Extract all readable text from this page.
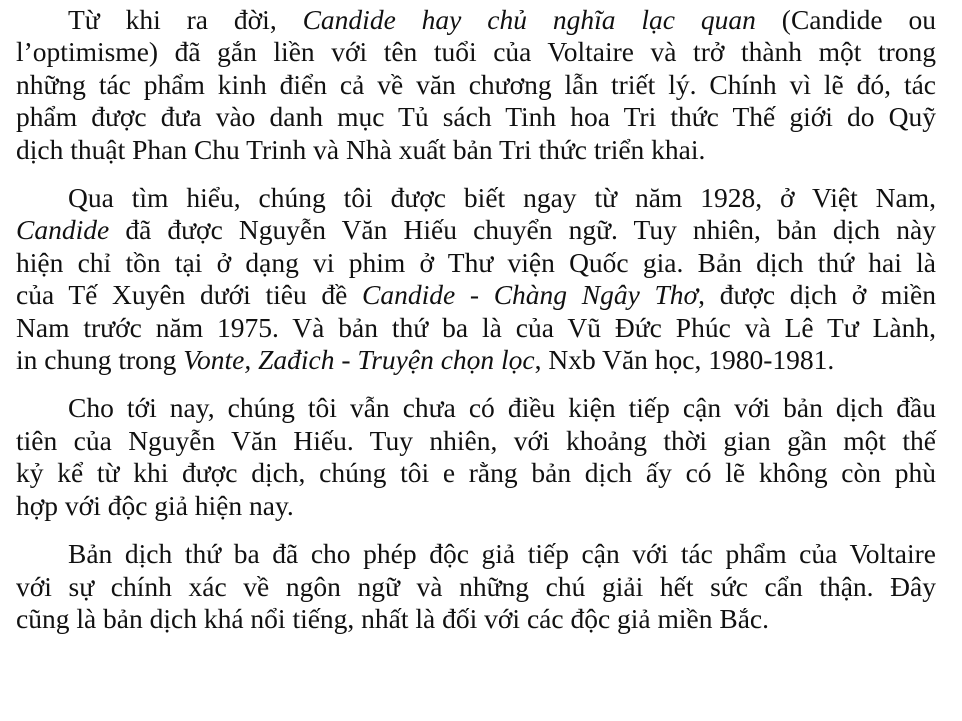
Từ khi ra đời, Candide hay chủ nghĩa lạc quan (Candide ou
l’optimisme) đã gắn liền với tên tuổi của Voltaire và trở thành một trong
những tác phẩm kinh điển cả về văn chương lẫn triết lý. Chính vì lẽ đó, tác
phẩm được đưa vào danh mục Tủ sách Tinh hoa Tri thức Thế giới do Quỹ
dịch thuật Phan Chu Trinh và Nhà xuất bản Tri thức triển khai.
Qua tìm hiểu, chúng tôi được biết ngay từ năm 1928, ở Việt Nam,
Candide đã được Nguyễn Văn Hiếu chuyển ngữ. Tuy nhiên, bản dịch này
hiện chỉ tồn tại ở dạng vi phim ở Thư viện Quốc gia. Bản dịch thứ hai là
của Tế Xuyên dưới tiêu đề Candide - Chàng Ngây Thơ, được dịch ở miền
Nam trước năm 1975. Và bản thứ ba là của Vũ Đức Phúc và Lê Tư Lành,
in chung trong Vonte, Zađich - Truyện chọn lọc, Nxb Văn học, 1980-1981.
Cho tới nay, chúng tôi vẫn chưa có điều kiện tiếp cận với bản dịch đầu
tiên của Nguyễn Văn Hiếu. Tuy nhiên, với khoảng thời gian gần một thế
kỷ kể từ khi được dịch, chúng tôi e rằng bản dịch ấy có lẽ không còn phù
hợp với độc giả hiện nay.
Bản dịch thứ ba đã cho phép độc giả tiếp cận với tác phẩm của Voltaire
với sự chính xác về ngôn ngữ và những chú giải hết sức cẩn thận. Đây
cũng là bản dịch khá nổi tiếng, nhất là đối với các độc giả miền Bắc.
